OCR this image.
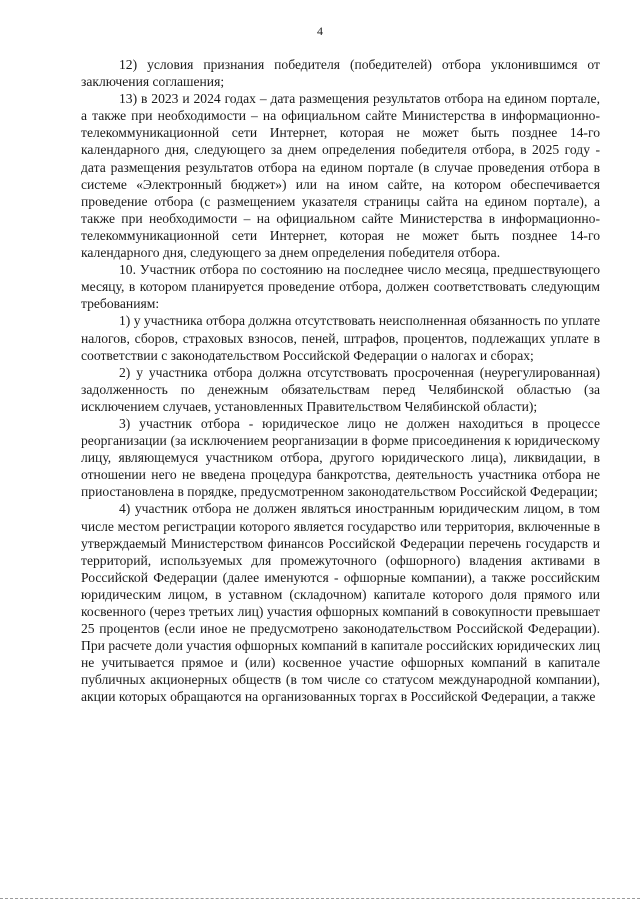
4

12) условия признания победителя (победителей) отбора уклонившимся от заключения соглашения;

13) в 2023 и 2024 годах – дата размещения результатов отбора на едином портале, а также при необходимости – на официальном сайте Министерства в информационно-телекоммуникационной сети Интернет, которая не может быть позднее 14-го календарного дня, следующего за днем определения победителя отбора, в 2025 году - дата размещения результатов отбора на едином портале (в случае проведения отбора в системе «Электронный бюджет») или на ином сайте, на котором обеспечивается проведение отбора (с размещением указателя страницы сайта на едином портале), а также при необходимости – на официальном сайте Министерства в информационно-телекоммуникационной сети Интернет, которая не может быть позднее 14-го календарного дня, следующего за днем определения победителя отбора.

10. Участник отбора по состоянию на последнее число месяца, предшествующего месяцу, в котором планируется проведение отбора, должен соответствовать следующим требованиям:

1) у участника отбора должна отсутствовать неисполненная обязанность по уплате налогов, сборов, страховых взносов, пеней, штрафов, процентов, подлежащих уплате в соответствии с законодательством Российской Федерации о налогах и сборах;

2) у участника отбора должна отсутствовать просроченная (неурегулированная) задолженность по денежным обязательствам перед Челябинской областью (за исключением случаев, установленных Правительством Челябинской области);

3) участник отбора - юридическое лицо не должен находиться в процессе реорганизации (за исключением реорганизации в форме присоединения к юридическому лицу, являющемуся участником отбора, другого юридического лица), ликвидации, в отношении него не введена процедура банкротства, деятельность участника отбора не приостановлена в порядке, предусмотренном законодательством Российской Федерации;

4) участник отбора не должен являться иностранным юридическим лицом, в том числе местом регистрации которого является государство или территория, включенные в утверждаемый Министерством финансов Российской Федерации перечень государств и территорий, используемых для промежуточного (офшорного) владения активами в Российской Федерации (далее именуются - офшорные компании), а также российским юридическим лицом, в уставном (складочном) капитале которого доля прямого или косвенного (через третьих лиц) участия офшорных компаний в совокупности превышает 25 процентов (если иное не предусмотрено законодательством Российской Федерации). При расчете доли участия офшорных компаний в капитале российских юридических лиц не учитывается прямое и (или) косвенное участие офшорных компаний в капитале публичных акционерных обществ (в том числе со статусом международной компании), акции которых обращаются на организованных торгах в Российской Федерации, а также
